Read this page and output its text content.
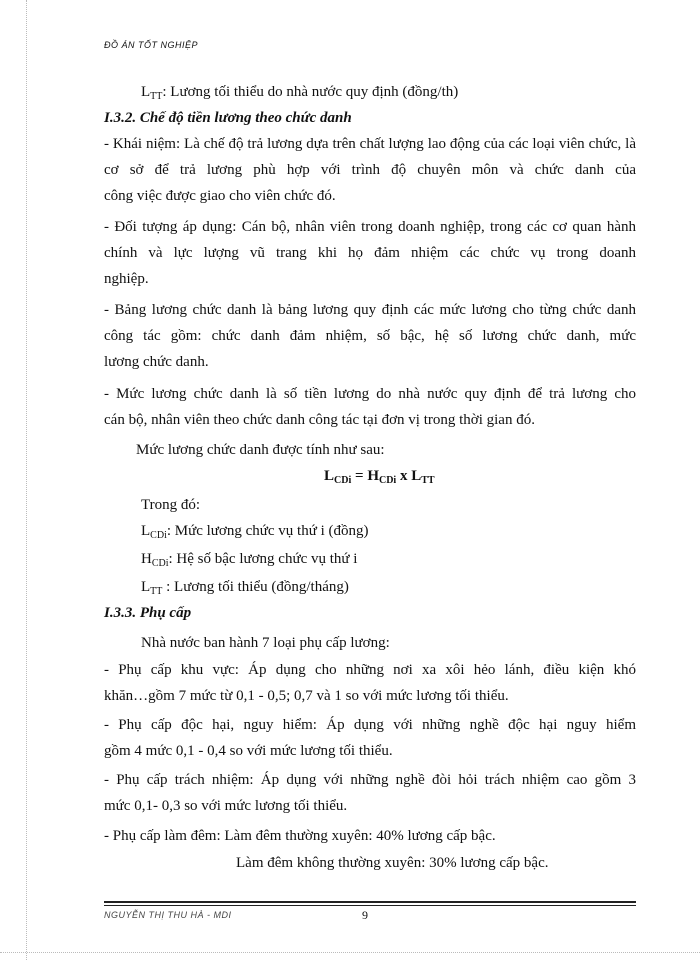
ĐỒ ÁN TỐT NGHIỆP
$L_{TT}$: Lương tối thiểu do nhà nước quy định (đồng/th)
I.3.2. Chế độ tiền lương theo chức danh
- Khái niệm: Là chế độ trả lương dựa trên chất lượng lao động của các loại viên chức, là cơ sở để trả lương phù hợp với trình độ chuyên môn và chức danh của
công việc được giao cho viên chức đó.
- Đối tượng áp dụng: Cán bộ, nhân viên trong doanh nghiệp, trong các cơ quan hành chính và lực lượng vũ trang khi họ đảm nhiệm các chức vụ trong doanh
nghiệp.
- Bảng lương chức danh là bảng lương quy định các mức lương cho từng chức danh công tác gồm: chức danh đảm nhiệm, số bậc, hệ số lương chức danh, mức
lương chức danh.
- Mức lương chức danh là số tiền lương do nhà nước quy định để trả lương cho
cán bộ, nhân viên theo chức danh công tác tại đơn vị trong thời gian đó.
Mức lương chức danh được tính như sau:
$L_{CDi} = H_{CDi}$ x $L_{TT}$
Trong đó:
$L_{CDi}$: Mức lương chức vụ thứ i (đồng)
$H_{CDi}$: Hệ số bậc lương chức vụ thứ i
$L_{TT}$ : Lương tối thiểu (đồng/tháng)
I.3.3. Phụ cấp
Nhà nước ban hành 7 loại phụ cấp lương:
- Phụ cấp khu vực: Áp dụng cho những nơi xa xôi hẻo lánh, điều kiện khó
khăn…gồm 7 mức từ 0,1 - 0,5; 0,7 và 1 so với mức lương tối thiểu.
- Phụ cấp độc hại, nguy hiểm: Áp dụng với những nghề độc hại nguy hiểm
gồm 4 mức 0,1 - 0,4 so với mức lương tối thiểu.
- Phụ cấp trách nhiệm: Áp dụng với những nghề đòi hỏi trách nhiệm cao gồm 3
mức 0,1- 0,3 so với mức lương tối thiểu.
- Phụ cấp làm đêm: Làm đêm thường xuyên: 40% lương cấp bậc.
Làm đêm không thường xuyên: 30% lương cấp bậc.
NGUYỄN THỊ THU HÀ - MDI	9
